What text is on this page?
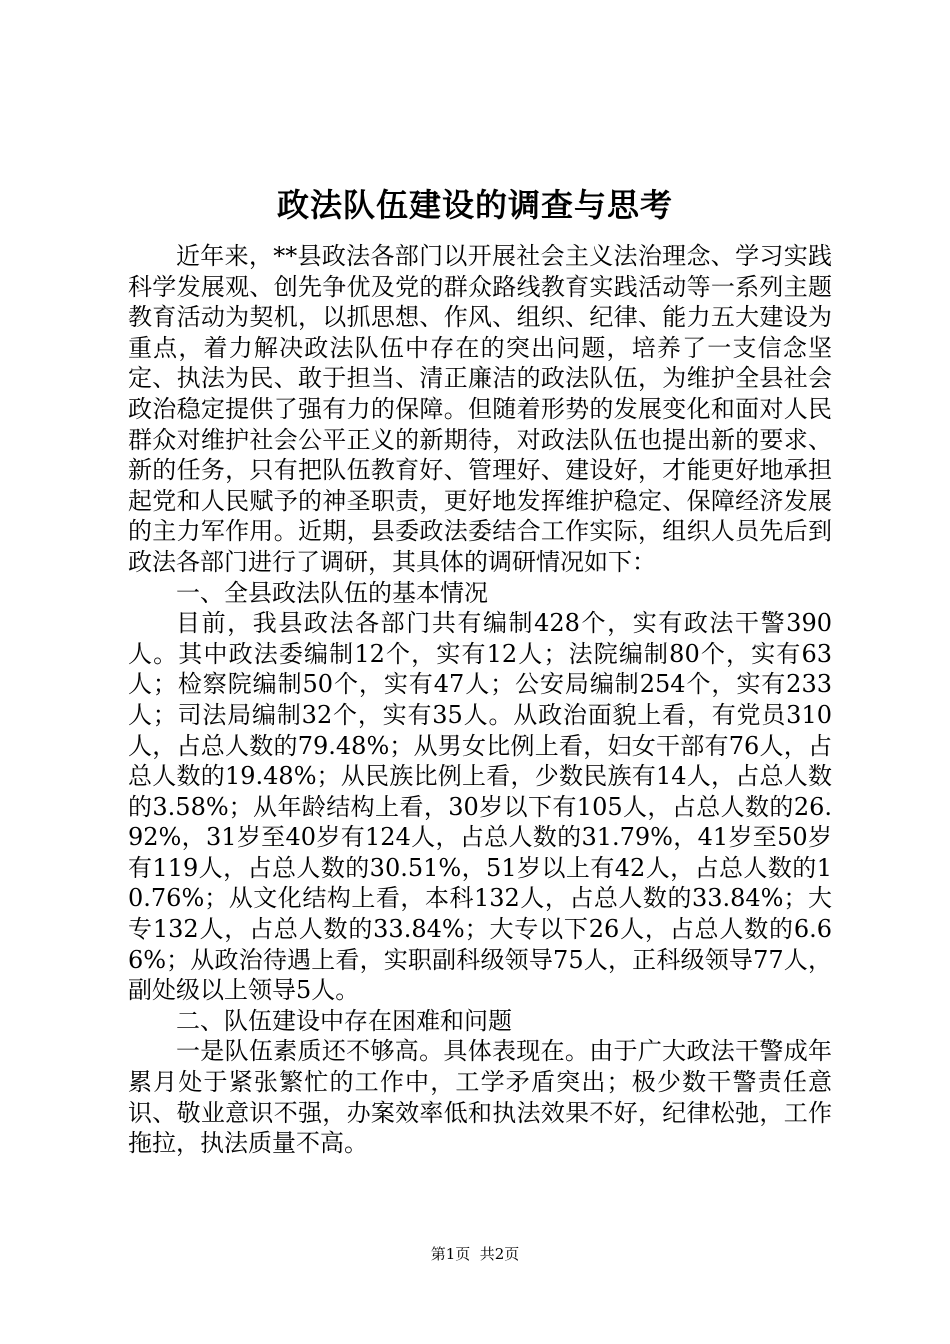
政法队伍建设的调查与思考

近年来，**县政法各部门以开展社会主义法治理念、学习实践科学发展观、创先争优及党的群众路线教育实践活动等一系列主题教育活动为契机，以抓思想、作风、组织、纪律、能力五大建设为重点，着力解决政法队伍中存在的突出问题，培养了一支信念坚定、执法为民、敢于担当、清正廉洁的政法队伍，为维护全县社会政治稳定提供了强有力的保障。但随着形势的发展变化和面对人民群众对维护社会公平正义的新期待，对政法队伍也提出新的要求、新的任务，只有把队伍教育好、管理好、建设好，才能更好地承担起党和人民赋予的神圣职责，更好地发挥维护稳定、保障经济发展的主力军作用。近期，县委政法委结合工作实际，组织人员先后到政法各部门进行了调研，其具体的调研情况如下：

一、全县政法队伍的基本情况

目前，我县政法各部门共有编制428个，实有政法干警390人。其中政法委编制12个，实有12人；法院编制80个，实有63人；检察院编制50个，实有47人；公安局编制254个，实有233人；司法局编制32个，实有35人。从政治面貌上看，有党员310人，占总人数的79.48%；从男女比例上看，妇女干部有76人，占总人数的19.48%；从民族比例上看，少数民族有14人，占总人数的3.58%；从年龄结构上看，30岁以下有105人，占总人数的26.92%，31岁至40岁有124人，占总人数的31.79%，41岁至50岁有119人，占总人数的30.51%，51岁以上有42人，占总人数的10.76%；从文化结构上看，本科132人，占总人数的33.84%；大专132人，占总人数的33.84%；大专以下26人，占总人数的6.66%；从政治待遇上看，实职副科级领导75人，正科级领导77人，副处级以上领导5人。

二、队伍建设中存在困难和问题

一是队伍素质还不够高。具体表现在。由于广大政法干警成年累月处于紧张繁忙的工作中，工学矛盾突出；极少数干警责任意识、敬业意识不强，办案效率低和执法效果不好，纪律松弛，工作拖拉，执法质量不高。

第1页  共2页
